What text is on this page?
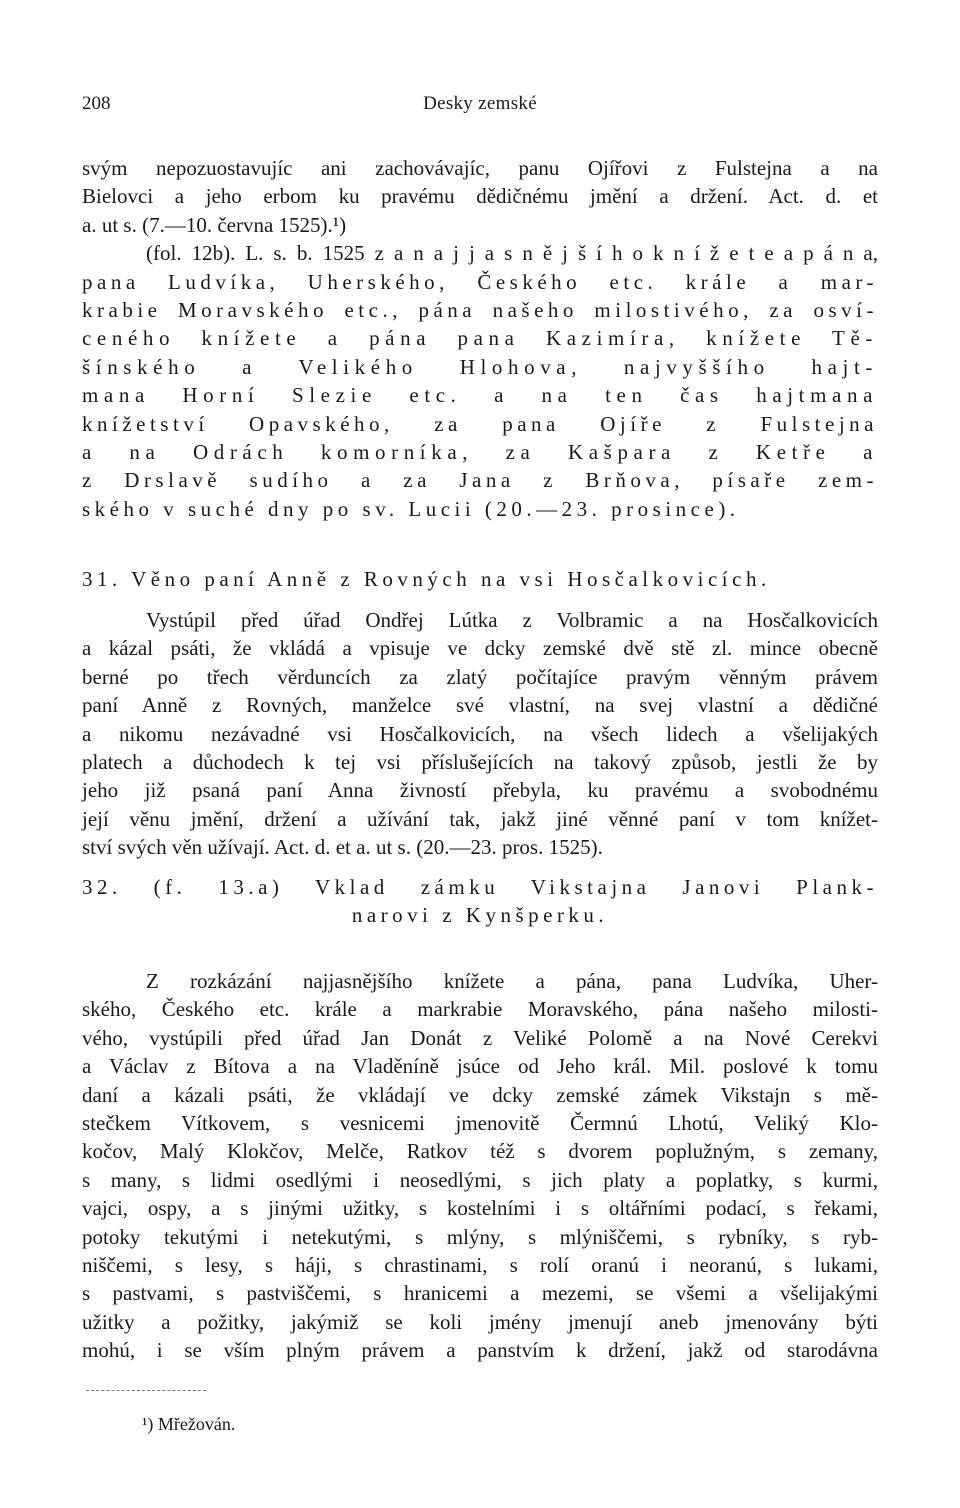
208	Desky zemské
svým nepozuostavujíc ani zachovávajíc, panu Ojířovi z Fulstejna a na
Bielovci a jeho erbom ku pravému dědičnému jmění a držení. Act. d. et
a. ut s. (7.—10. června 1525).¹)
(fol. 12b). L. s. b. 1525 z a n a j j a s n ě j š í h o k n í ž e t e a p á n a,
pana Ludvíka, Uherského, Českého etc. krále a mar-
krabie Moravského etc., pána našeho milostivého, za osví-
ceného knížete a pána pana Kazimíra, knížete Tě-
šínského a Velikého Hlohova, najvyššího hajt-
mana Horní Slezie etc. a na ten čas hajtmana
knížetství Opavského, za pana Ojíře z Fulstejna
a na Odrách komorníka, za Kašpara z Ketře a
z Drslavě sudího a za Jana z Brňova, písaře zem-
ského v suché dny po sv. Lucii (20.—23. prosince).
31. Věno paní Anně z Rovných na vsi Hosčalkovicích.
Vystúpil před úřad Ondřej Lútka z Volbramic a na Hosčalkovicích
a kázal psáti, že vkládá a vpisuje ve dcky zemské dvě stě zl. mince obecně
berné po třech věrduncích za zlatý počítajíce pravým věnným právem
paní Anně z Rovných, manželce své vlastní, na svej vlastní a dědičné
a nikomu nezávadné vsi Hosčalkovicích, na všech lidech a všelijakých
platech a důchodech k tej vsi příslušejících na takový způsob, jestli že by
jeho již psaná paní Anna živností přebyla, ku pravému a svobodnému
její věnu jmění, držení a užívání tak, jakž jiné věnné paní v tom knížet-
ství svých věn užívají. Act. d. et a. ut s. (20.—23. pros. 1525).
32. (f. 13.a) Vklad zámku Vikstajna Janovi Plank-
narovi z Kynšperku.
Z rozkázání najjasnějšího knížete a pána, pana Ludvíka, Uher-
ského, Českého etc. krále a markrabie Moravského, pána našeho milosti-
vého, vystúpili před úřad Jan Donát z Veliké Polomě a na Nové Cerekvi
a Václav z Bítova a na Vladěníně jsúce od Jeho král. Mil. poslové k tomu
daní a kázali psáti, že vkládají ve dcky zemské zámek Vikstajn s mě-
stečkem Vítkovem, s vesnicemi jmenovitě Čermnú Lhotú, Veliký Klo-
kočov, Malý Klokčov, Melče, Ratkov též s dvorem poplužným, s zemany,
s many, s lidmi osedlými i neosedlými, s jich platy a poplatky, s kurmi,
vajci, ospy, a s jinými užitky, s kostelními i s oltářními podací, s řekami,
potoky tekutými i netekutými, s mlýny, s mlýniščemi, s rybníky, s ryb-
niščemi, s lesy, s háji, s chrastinami, s rolí oranú i neoranú, s lukami,
s pastvami, s pastviščemi, s hranicemi a mezemi, se všemi a všelijakými
užitky a požitky, jakýmiž se koli jmény jmenují aneb jmenovány býti
mohú, i se vším plným právem a panstvím k držení, jakž od starodávna
¹) Mřežován.
